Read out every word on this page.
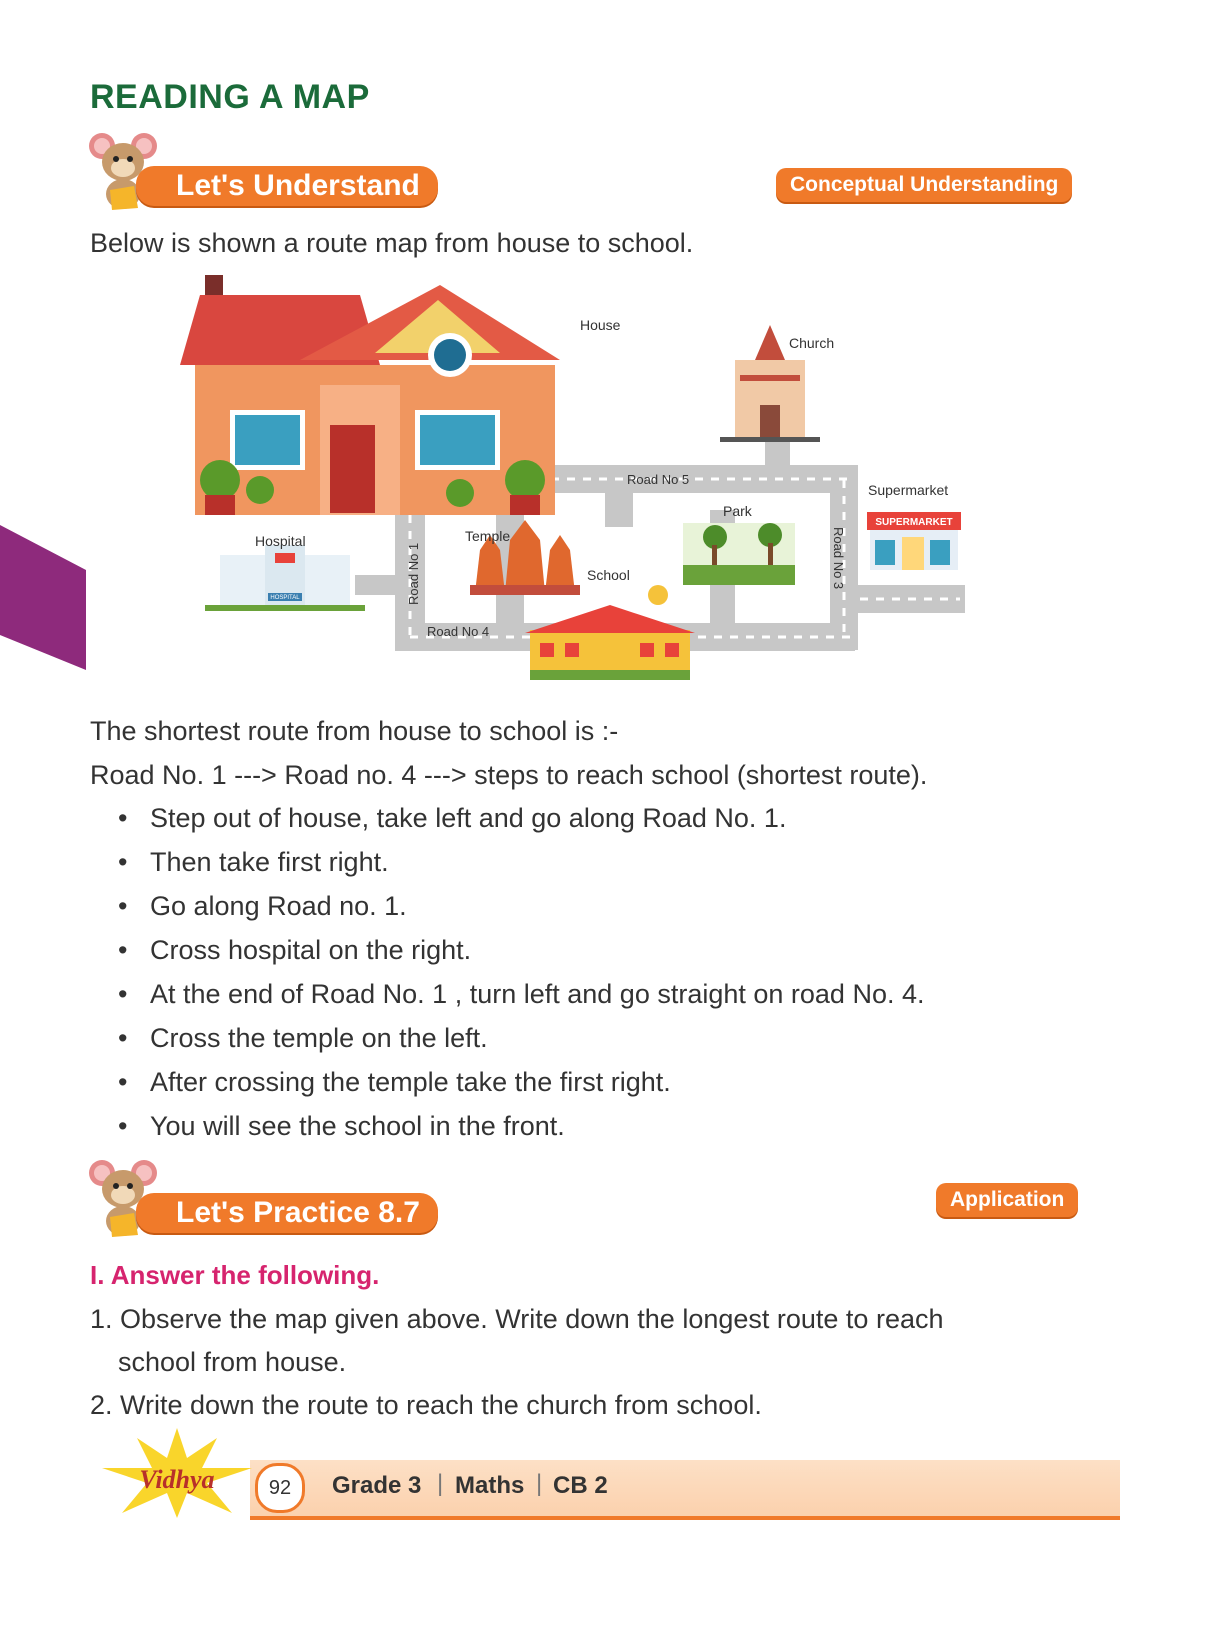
READING A MAP
Let's Understand	Conceptual Understanding
Below is shown a route map from house to school.
SUPERMARKET
HOSPITAL
House
Church
Road No 5
Supermarket
Park
Hospital	Temple
School
Road No 4
Road No 1	Road No 3
The shortest route from house to school is :-
Road No. 1 ---> Road no. 4 ---> steps to reach school (shortest route).
• Step out of house, take left and go along Road No. 1.
• Then take first right.
• Go along Road no. 1.
• Cross hospital on the right.
• At the end of Road No. 1 , turn left and go straight on road No. 4.
• Cross the temple on the left.
• After crossing the temple take the first right.
• You will see the school in the front.
Let's Practice 8.7	Application
I. Answer the following.
1. Observe the map given above. Write down the longest route to reach
school from house.
2. Write down the route to reach the church from school.
Vidhya	92	Grade 3 | Maths | CB 2
